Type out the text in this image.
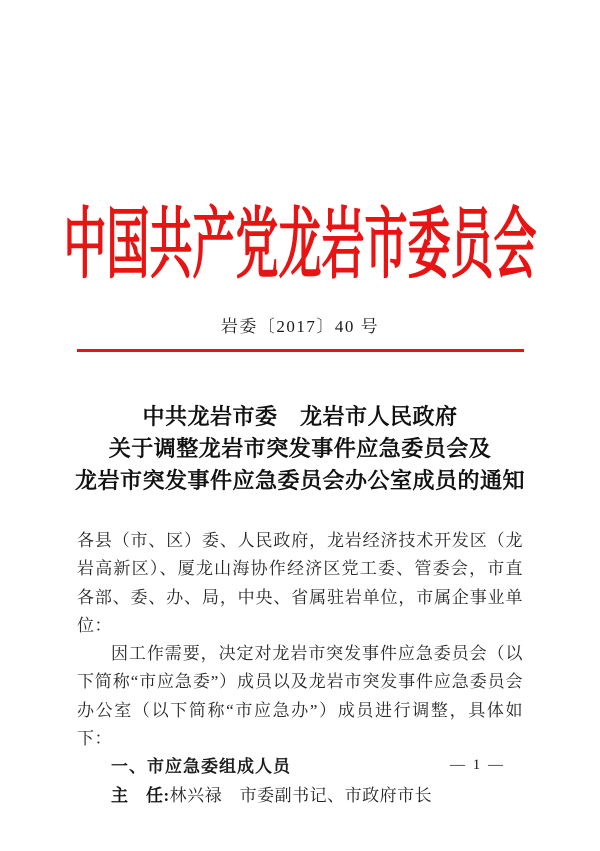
中国共产党龙岩市委员会
岩委〔2017〕40 号
中共龙岩市委　龙岩市人民政府
关于调整龙岩市突发事件应急委员会及
龙岩市突发事件应急委员会办公室成员的通知

各县（市、区）委、人民政府，龙岩经济技术开发区（龙岩高新区）、厦龙山海协作经济区党工委、管委会，市直各部、委、办、局，中央、省属驻岩单位，市属企事业单位：

因工作需要，决定对龙岩市突发事件应急委员会（以下简称“市应急委”）成员以及龙岩市突发事件应急委员会办公室（以下简称“市应急办”）成员进行调整，具体如下：

一、市应急委组成人员

主　任:林兴禄　市委副书记、市政府市长

— 1 —
